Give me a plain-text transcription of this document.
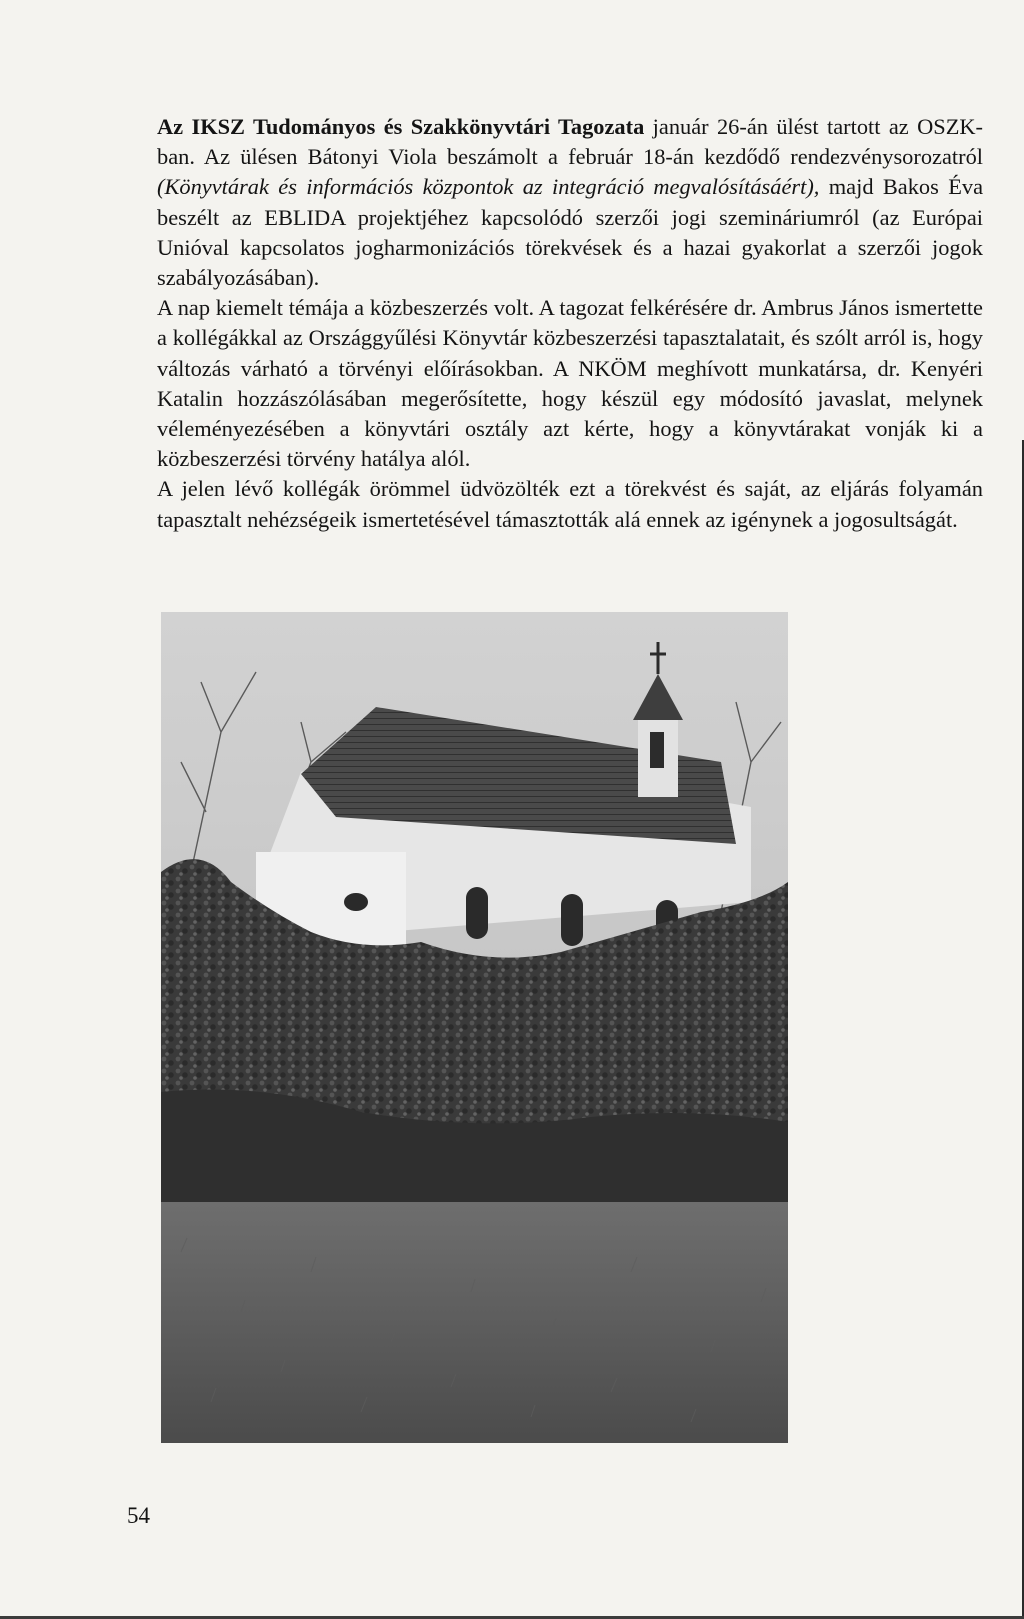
Az IKSZ Tudományos és Szakkönyvtári Tagozata január 26-án ülést tartott az OSZK-ban. Az ülésen Bátonyi Viola beszámolt a február 18-án kezdődő rendezvénysorozatról (Könyvtárak és információs központok az integráció megvalósításáért), majd Bakos Éva beszélt az EBLIDA projektjéhez kapcsolódó szerzői jogi szemináriumról (az Európai Unióval kapcsolatos jogharmonizációs törekvések és a hazai gyakorlat a szerzői jogok szabályozásában).

A nap kiemelt témája a közbeszerzés volt. A tagozat felkérésére dr. Ambrus János ismertette a kollégákkal az Országgyűlési Könyvtár közbeszerzési tapasztalatait, és szólt arról is, hogy változás várható a törvényi előírásokban. A NKÖM meghívott munkatársa, dr. Kenyéri Katalin hozzászólásában megerősítette, hogy készül egy módosító javaslat, melynek véleményezésében a könyvtári osztály azt kérte, hogy a könyvtárakat vonják ki a közbeszerzési törvény hatálya alól.

A jelen lévő kollégák örömmel üdvözölték ezt a törekvést és saját, az eljárás folyamán tapasztalt nehézségeik ismertetésével támasztották alá ennek az igénynek a jogosultságát.

54
